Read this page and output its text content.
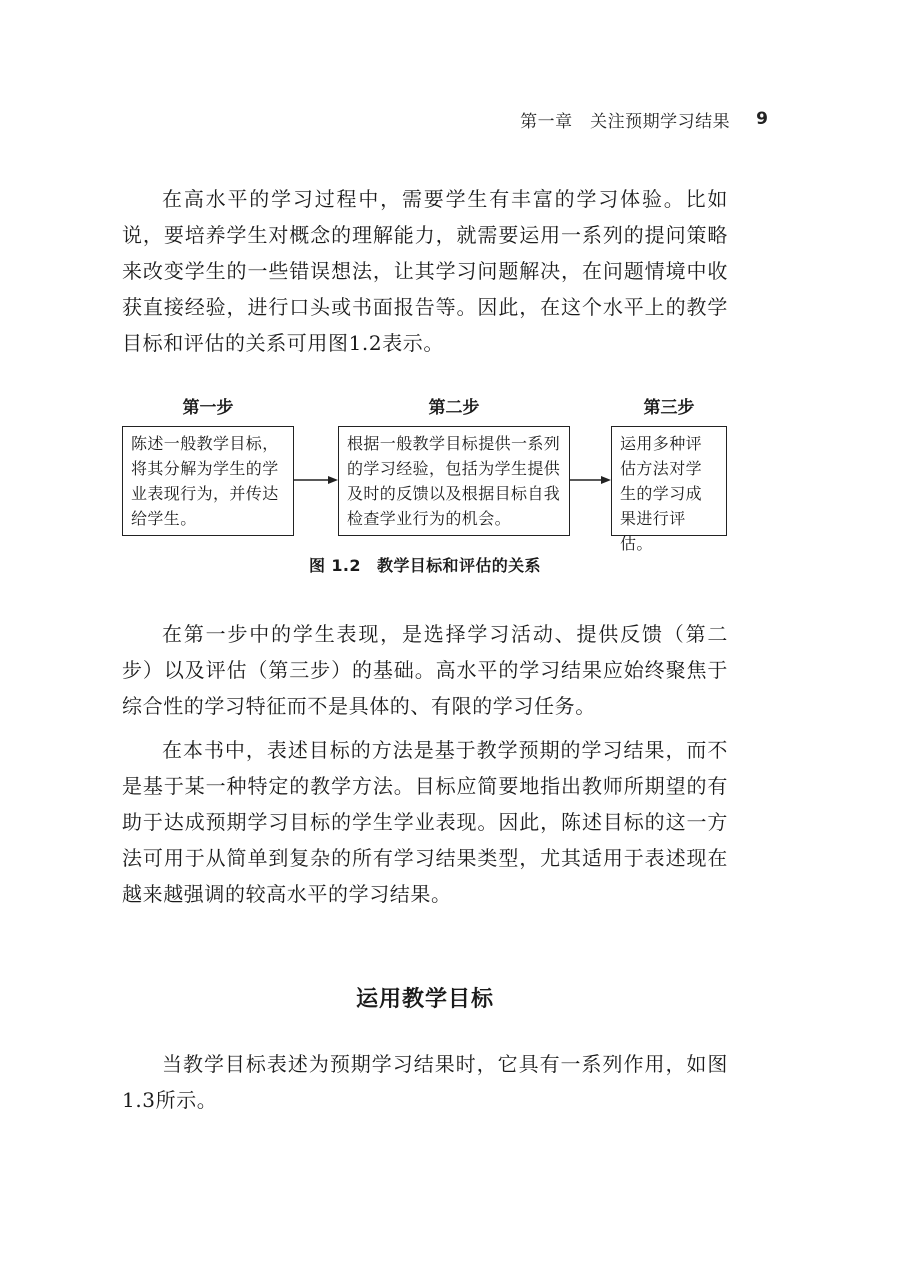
第一章　关注预期学习结果 9

在高水平的学习过程中，需要学生有丰富的学习体验。比如说，要培养学生对概念的理解能力，就需要运用一系列的提问策略来改变学生的一些错误想法，让其学习问题解决，在问题情境中收获直接经验，进行口头或书面报告等。因此，在这个水平上的教学目标和评估的关系可用图1.2表示。

第一步	第二步	第三步
陈述一般教学目标，将其分解为学生的学业表现行为，并传达给学生。
根据一般教学目标提供一系列的学习经验，包括为学生提供及时的反馈以及根据目标自我检查学业行为的机会。
运用多种评估方法对学生的学习成果进行评估。
图 1.2 教学目标和评估的关系

在第一步中的学生表现，是选择学习活动、提供反馈（第二步）以及评估（第三步）的基础。高水平的学习结果应始终聚焦于综合性的学习特征而不是具体的、有限的学习任务。

在本书中，表述目标的方法是基于教学预期的学习结果，而不是基于某一种特定的教学方法。目标应简要地指出教师所期望的有助于达成预期学习目标的学生学业表现。因此，陈述目标的这一方法可用于从简单到复杂的所有学习结果类型，尤其适用于表述现在越来越强调的较高水平的学习结果。

运用教学目标

当教学目标表述为预期学习结果时，它具有一系列作用，如图1.3所示。
